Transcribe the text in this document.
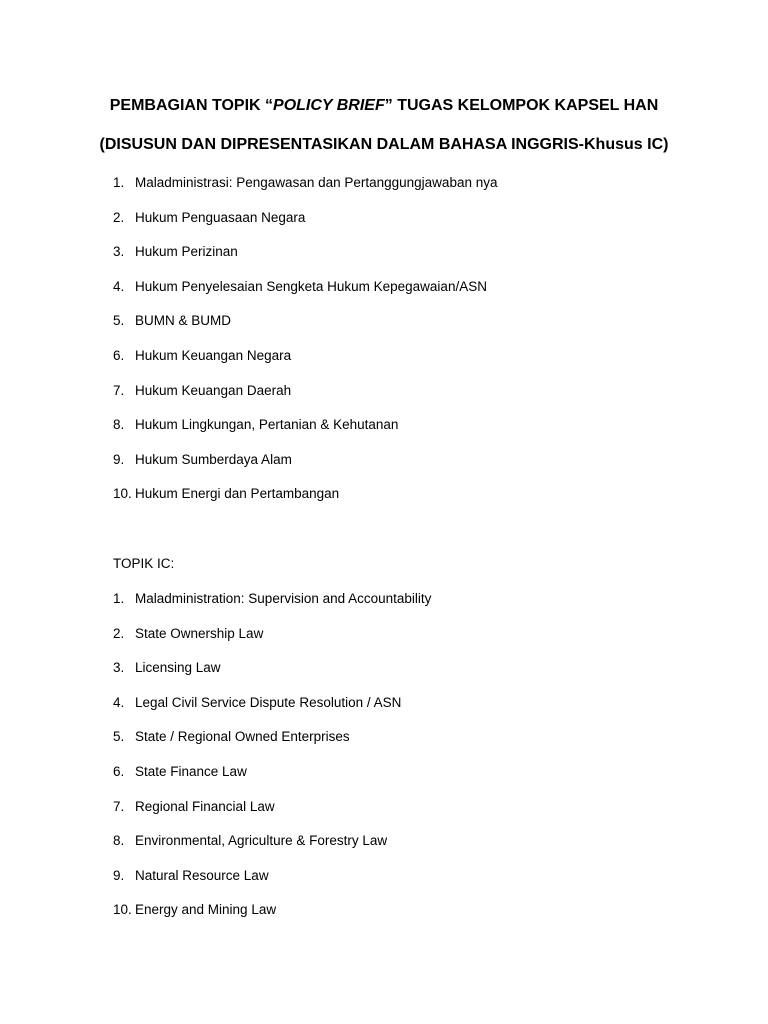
PEMBAGIAN TOPIK “POLICY BRIEF” TUGAS KELOMPOK KAPSEL HAN
(DISUSUN DAN DIPRESENTASIKAN DALAM BAHASA INGGRIS-Khusus IC)
1. Maladministrasi: Pengawasan dan Pertanggungjawaban nya
2. Hukum Penguasaan Negara
3. Hukum Perizinan
4. Hukum Penyelesaian Sengketa Hukum Kepegawaian/ASN
5. BUMN & BUMD
6. Hukum Keuangan Negara
7. Hukum Keuangan Daerah
8. Hukum Lingkungan, Pertanian & Kehutanan
9. Hukum Sumberdaya Alam
10. Hukum Energi dan Pertambangan
TOPIK IC:
1. Maladministration: Supervision and Accountability
2. State Ownership Law
3. Licensing Law
4. Legal Civil Service Dispute Resolution / ASN
5. State / Regional Owned Enterprises
6. State Finance Law
7. Regional Financial Law
8. Environmental, Agriculture & Forestry Law
9. Natural Resource Law
10. Energy and Mining Law
